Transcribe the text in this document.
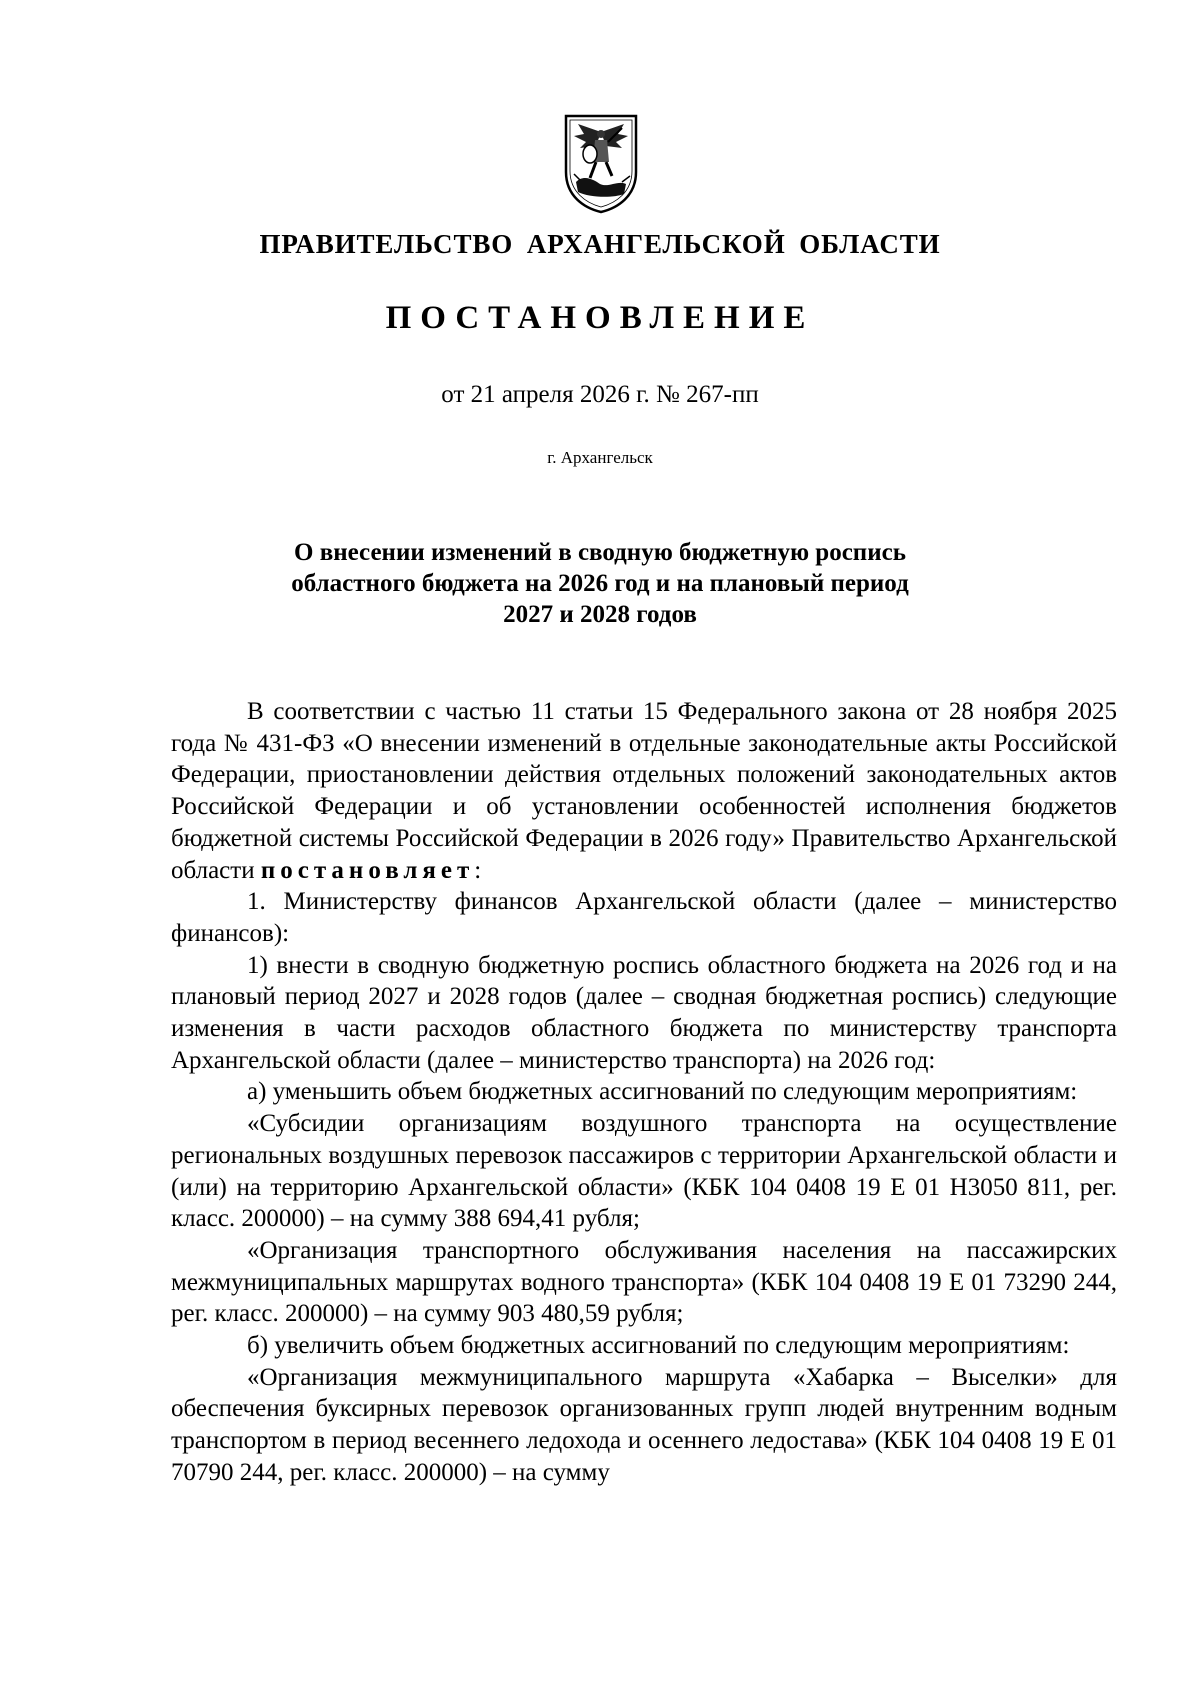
ПРАВИТЕЛЬСТВО АРХАНГЕЛЬСКОЙ ОБЛАСТИ
ПОСТАНОВЛЕНИЕ
от 21 апреля 2026 г. № 267-пп
г. Архангельск
О внесении изменений в сводную бюджетную роспись
областного бюджета на 2026 год и на плановый период
2027 и 2028 годов

В соответствии с частью 11 статьи 15 Федерального закона от 28 ноября 2025 года № 431-ФЗ «О внесении изменений в отдельные законодательные акты Российской Федерации, приостановлении действия отдельных положений законодательных актов Российской Федерации и об установлении особенностей исполнения бюджетов бюджетной системы Российской Федерации в 2026 году» Правительство Архангельской области постановляет:

1. Министерству финансов Архангельской области (далее – министерство финансов):

1) внести в сводную бюджетную роспись областного бюджета на 2026 год и на плановый период 2027 и 2028 годов (далее – сводная бюджетная роспись) следующие изменения в части расходов областного бюджета по министерству транспорта Архангельской области (далее – министерство транспорта) на 2026 год:

а) уменьшить объем бюджетных ассигнований по следующим мероприятиям:

«Субсидии организациям воздушного транспорта на осуществление региональных воздушных перевозок пассажиров с территории Архангельской области и (или) на территорию Архангельской области» (КБК 104 0408 19 Е 01 Н3050 811, рег. класс. 200000) – на сумму 388 694,41 рубля;

«Организация транспортного обслуживания населения на пассажирских межмуниципальных маршрутах водного транспорта» (КБК 104 0408 19 Е 01 73290 244, рег. класс. 200000) – на сумму 903 480,59 рубля;

б) увеличить объем бюджетных ассигнований по следующим мероприятиям:

«Организация межмуниципального маршрута «Хабарка – Выселки» для обеспечения буксирных перевозок организованных групп людей внутренним водным транспортом в период весеннего ледохода и осеннего ледостава» (КБК 104 0408 19 Е 01 70790 244, рег. класс. 200000) – на сумму
